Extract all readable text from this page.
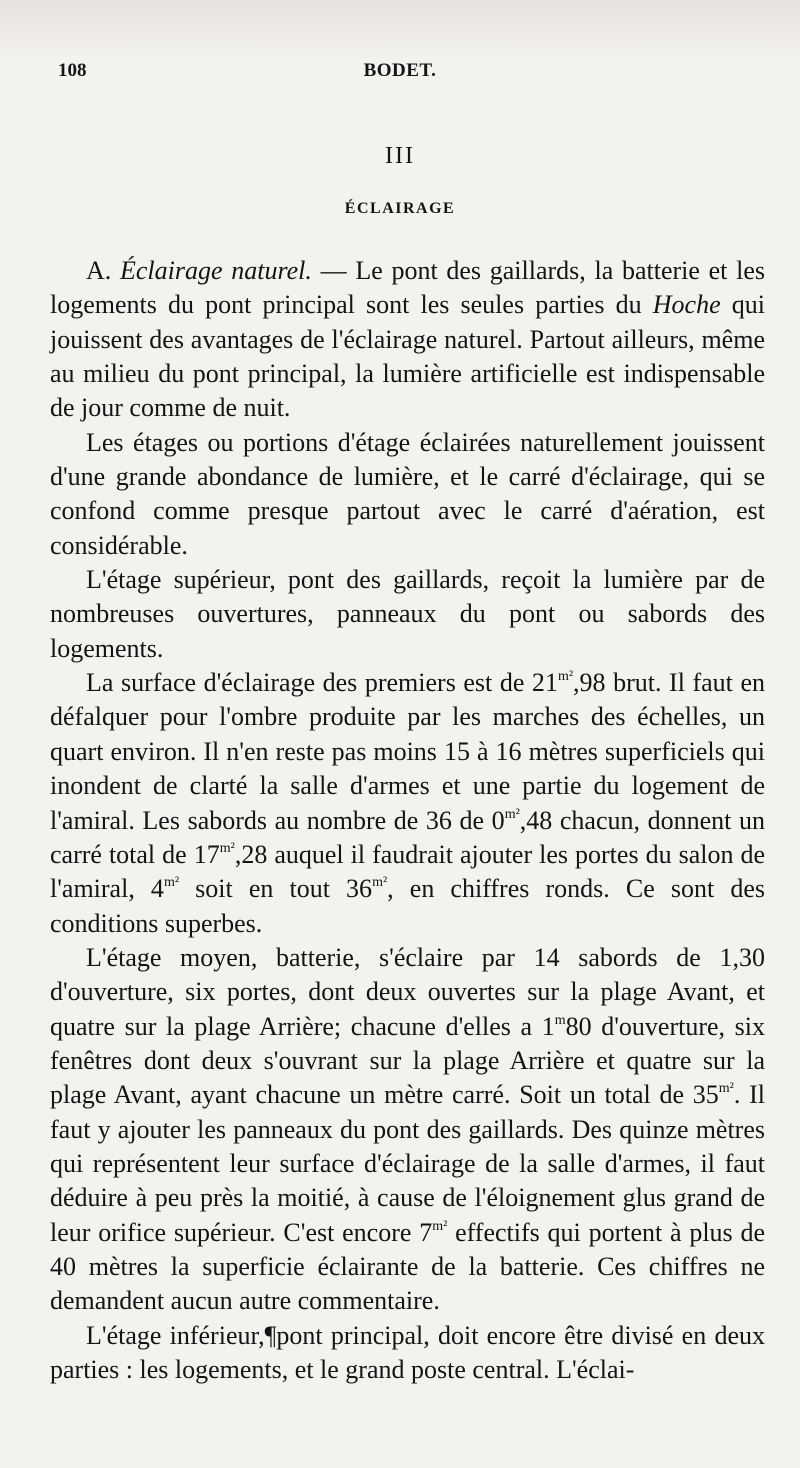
108	BODET.
III
ÉCLAIRAGE

A. Éclairage naturel. — Le pont des gaillards, la batterie et les logements du pont principal sont les seules parties du Hoche qui jouissent des avantages de l'éclairage naturel. Partout ailleurs, même au milieu du pont principal, la lumière artificielle est indispensable de jour comme de nuit.

Les étages ou portions d'étage éclairées naturellement jouissent d'une grande abondance de lumière, et le carré d'éclairage, qui se confond comme presque partout avec le carré d'aération, est considérable.

L'étage supérieur, pont des gaillards, reçoit la lumière par de nombreuses ouvertures, panneaux du pont ou sabords des logements.

La surface d'éclairage des premiers est de $21^{m^2},98$ brut. Il faut en défalquer pour l'ombre produite par les marches des échelles, un quart environ. Il n'en reste pas moins 15 à 16 mètres superficiels qui inondent de clarté la salle d'armes et une partie du logement de l'amiral. Les sabords au nombre de 36 de $0^{m^2},48$ chacun, donnent un carré total de $17^{m^2},28$ auquel il faudrait ajouter les portes du salon de l'amiral, $4^{m^2}$ soit en tout $36^{m^2}$, en chiffres ronds. Ce sont des conditions superbes.

L'étage moyen, batterie, s'éclaire par 14 sabords de 1,30 d'ouverture, six portes, dont deux ouvertes sur la plage Avant, et quatre sur la plage Arrière; chacune d'elles a 1$^m$80 d'ouverture, six fenêtres dont deux s'ouvrant sur la plage Arrière et quatre sur la plage Avant, ayant chacune un mètre carré. Soit un total de $35^{m^2}$. Il faut y ajouter les panneaux du pont des gaillards. Des quinze mètres qui représentent leur surface d'éclairage de la salle d'armes, il faut déduire à peu près la moitié, à cause de l'éloignement glus grand de leur orifice supérieur. C'est encore $7^{m^2}$ effectifs qui portent à plus de 40 mètres la superficie éclairante de la batterie. Ces chiffres ne demandent aucun autre commentaire.

L'étage inférieur,¶pont principal, doit encore être divisé en deux parties : les logements, et le grand poste central. L'éclai-
